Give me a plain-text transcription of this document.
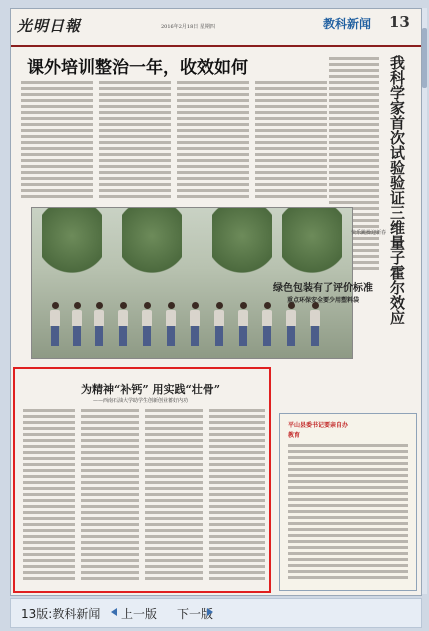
光明日報	2016年2月18日 星期四	教科新闻 13
课外培训整治一年，收效如何	我科学家首次试验验证三维量子霍尔效应
快乐跳操迎新春
绿色包装有了评价标准
重点环保安全要少用塑料袋
为精神“补钙” 用实践“壮骨”
——西南石油大学助学生创新创业蓄好内功
平山县委书记要亲自办
教育
13版:教科新闻 上一版 下一版
